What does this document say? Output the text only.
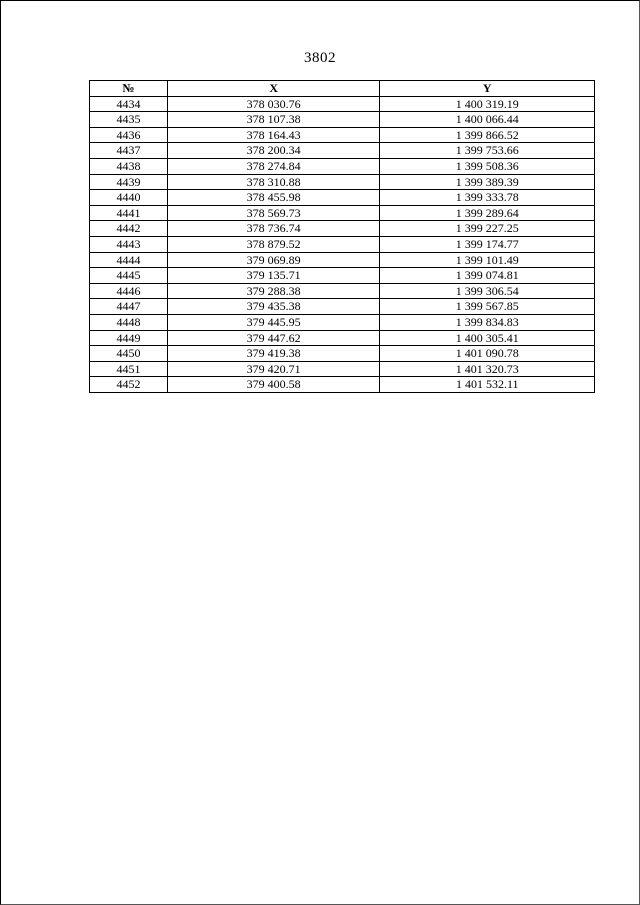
3802
№	X	Y
4434	378 030.76	1 400 319.19
4435	378 107.38	1 400 066.44
4436	378 164.43	1 399 866.52
4437	378 200.34	1 399 753.66
4438	378 274.84	1 399 508.36
4439	378 310.88	1 399 389.39
4440	378 455.98	1 399 333.78
4441	378 569.73	1 399 289.64
4442	378 736.74	1 399 227.25
4443	378 879.52	1 399 174.77
4444	379 069.89	1 399 101.49
4445	379 135.71	1 399 074.81
4446	379 288.38	1 399 306.54
4447	379 435.38	1 399 567.85
4448	379 445.95	1 399 834.83
4449	379 447.62	1 400 305.41
4450	379 419.38	1 401 090.78
4451	379 420.71	1 401 320.73
4452	379 400.58	1 401 532.11
